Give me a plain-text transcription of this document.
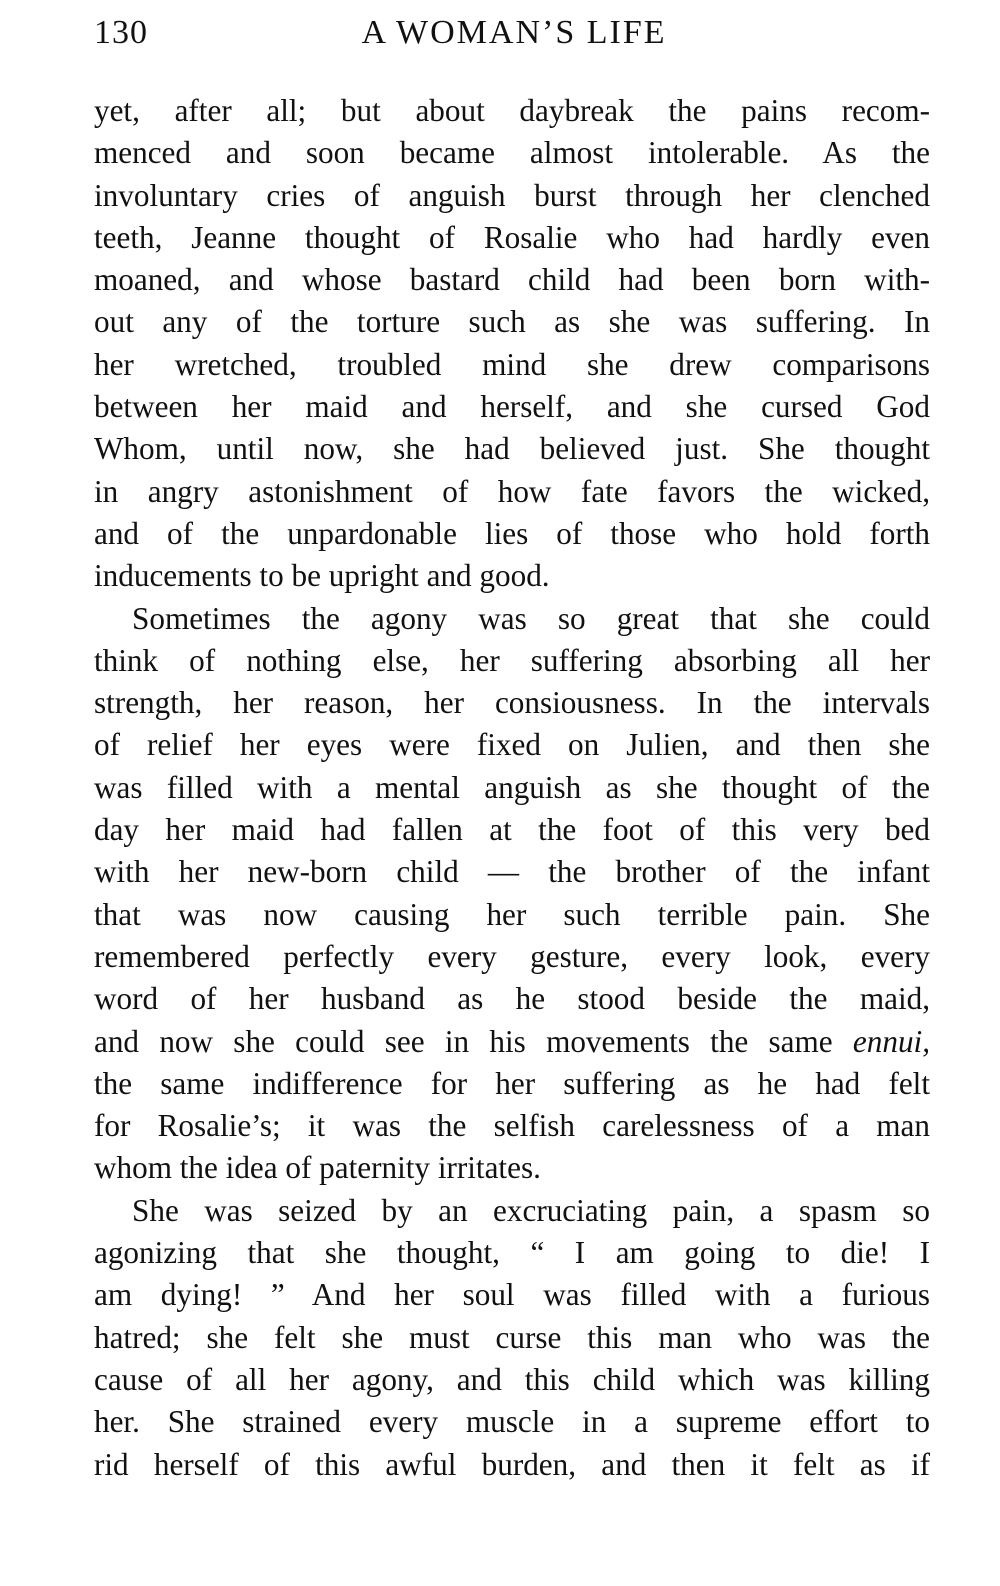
130	A WOMAN’S LIFE
yet, after all; but about daybreak the pains recom-
menced and soon became almost intolerable. As the
involuntary cries of anguish burst through her clenched
teeth, Jeanne thought of Rosalie who had hardly even
moaned, and whose bastard child had been born with-
out any of the torture such as she was suffering. In
her wretched, troubled mind she drew comparisons
between her maid and herself, and she cursed God
Whom, until now, she had believed just. She thought
in angry astonishment of how fate favors the wicked,
and of the unpardonable lies of those who hold forth
inducements to be upright and good.
Sometimes the agony was so great that she could
think of nothing else, her suffering absorbing all her
strength, her reason, her consiousness. In the intervals
of relief her eyes were fixed on Julien, and then she
was filled with a mental anguish as she thought of the
day her maid had fallen at the foot of this very bed
with her new-born child — the brother of the infant
that was now causing her such terrible pain. She
remembered perfectly every gesture, every look, every
word of her husband as he stood beside the maid,
and now she could see in his movements the same ennui,
the same indifference for her suffering as he had felt
for Rosalie’s; it was the selfish carelessness of a man
whom the idea of paternity irritates.
She was seized by an excruciating pain, a spasm so
agonizing that she thought, “ I am going to die! I
am dying! ” And her soul was filled with a furious
hatred; she felt she must curse this man who was the
cause of all her agony, and this child which was killing
her. She strained every muscle in a supreme effort to
rid herself of this awful burden, and then it felt as if
